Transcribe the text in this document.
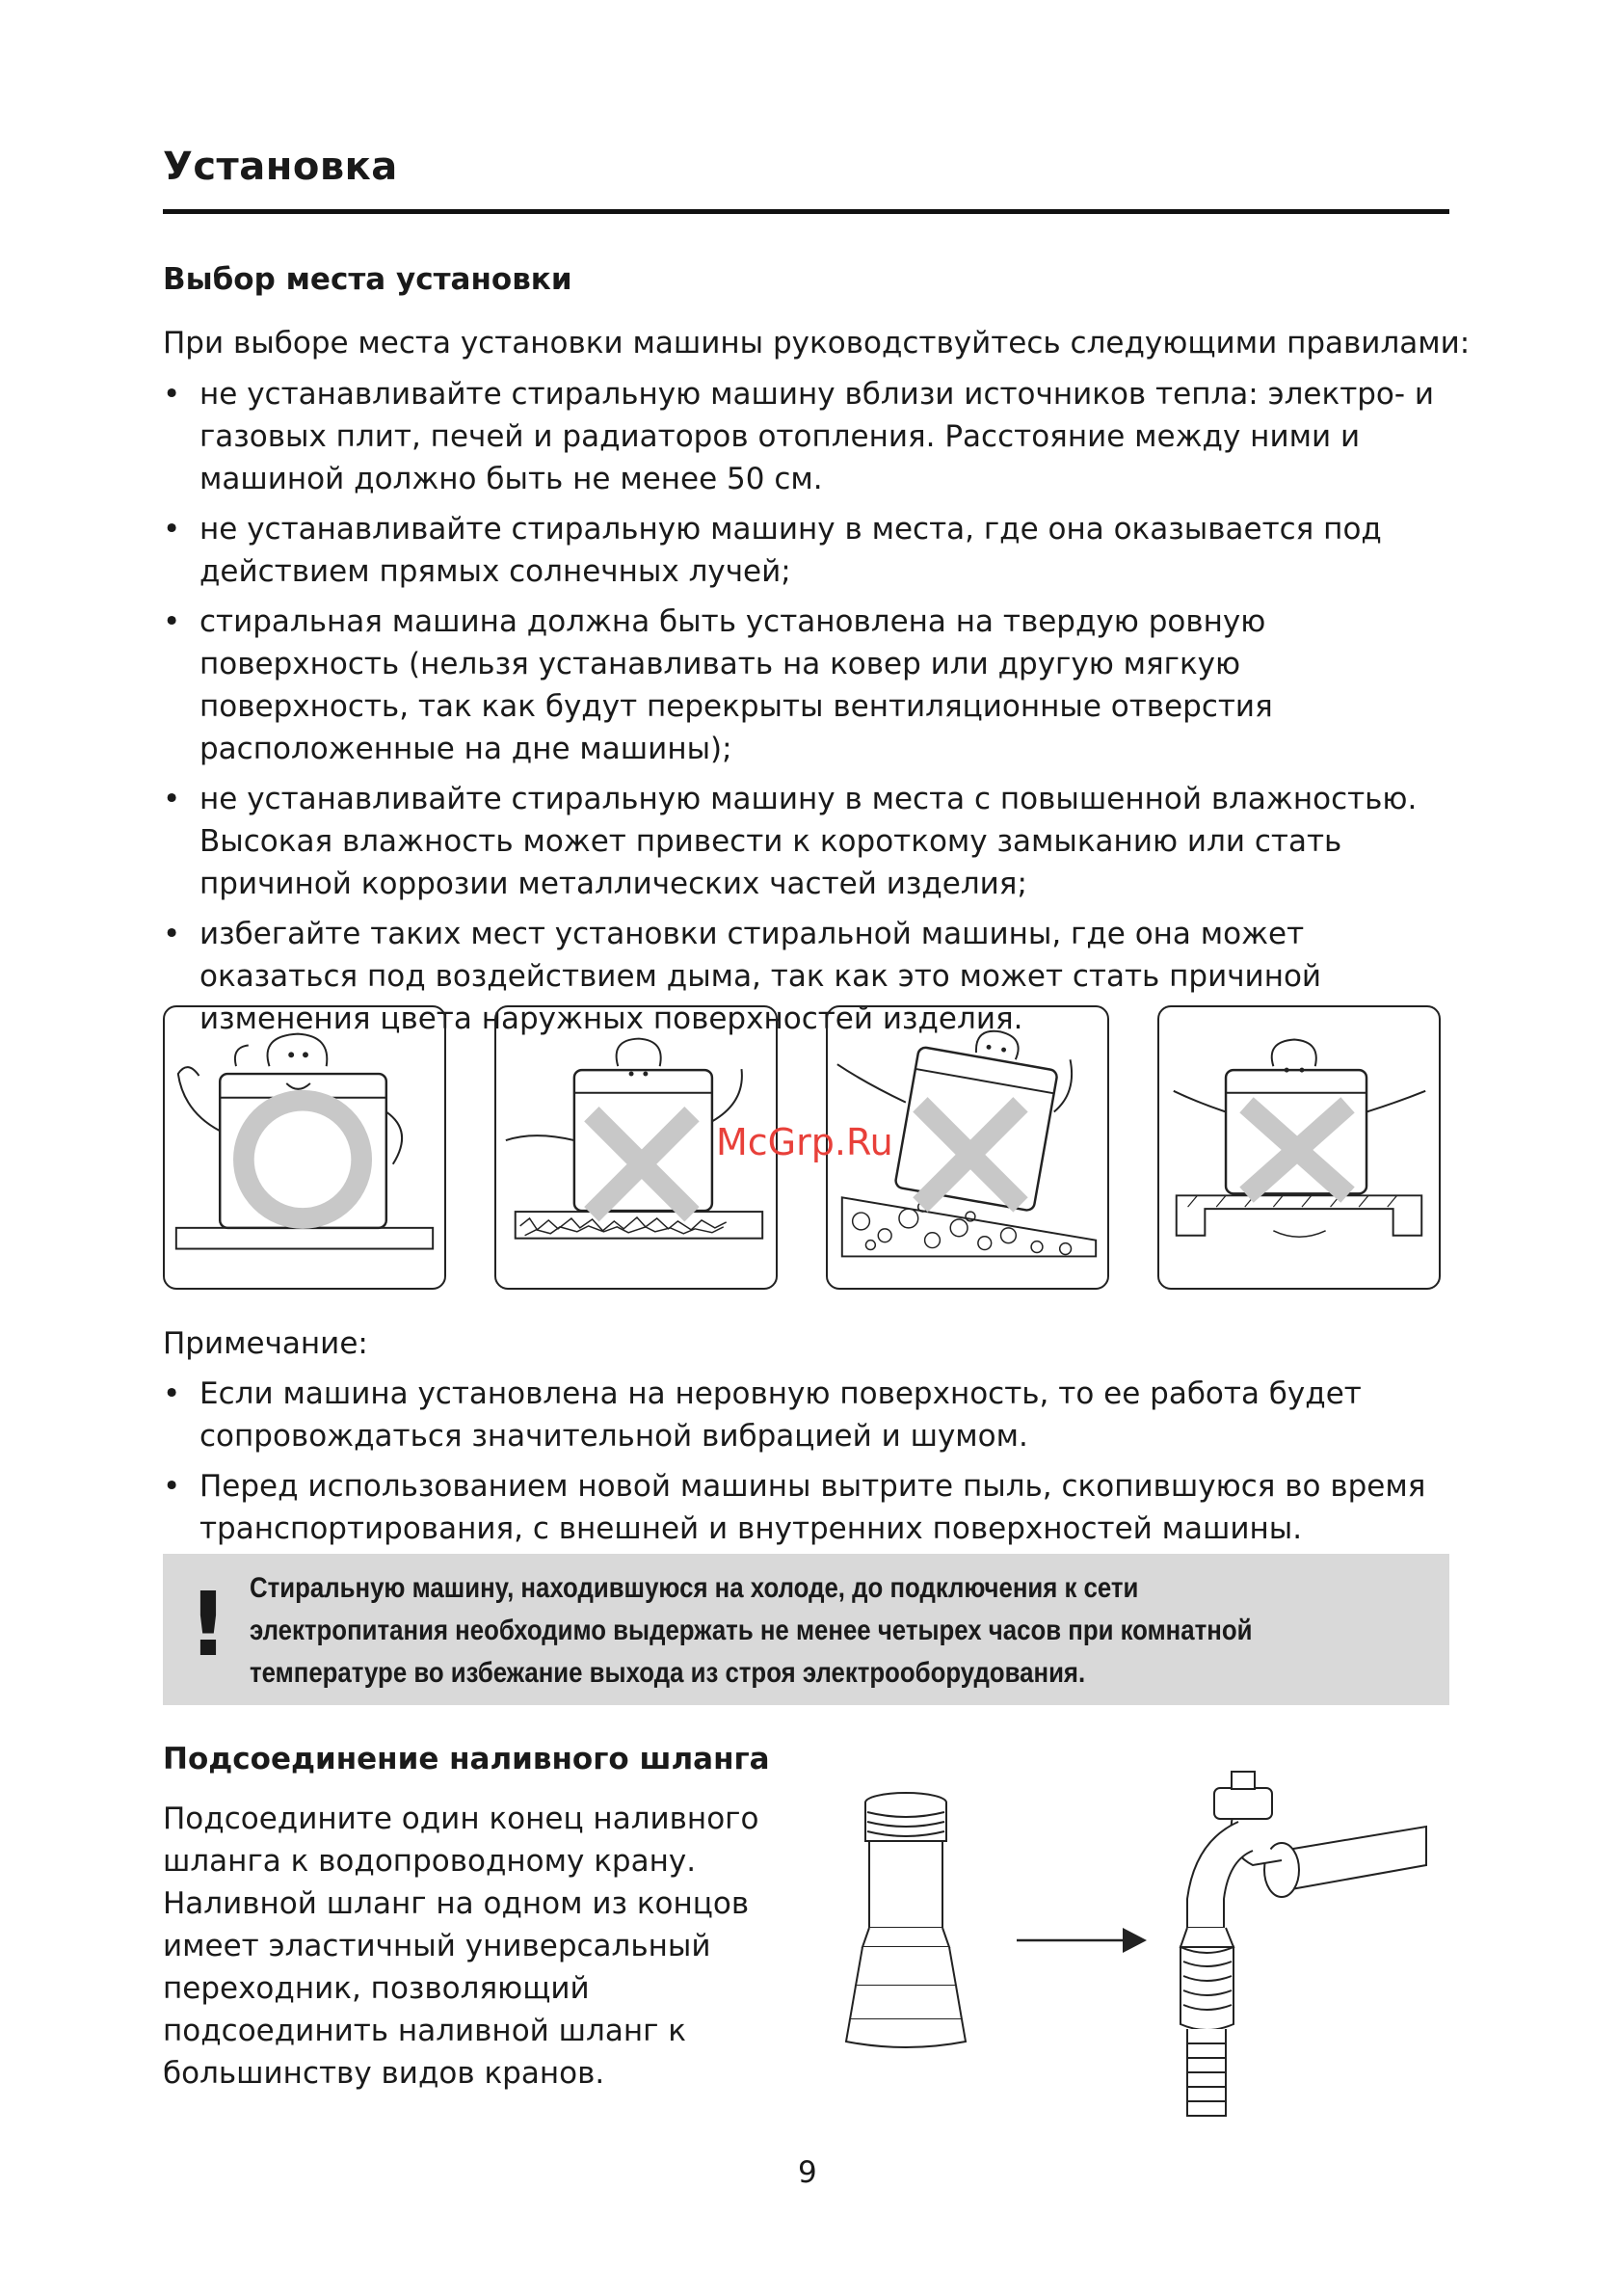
Установка
Выбор места установки

При выборе места установки машины руководствуйтесь следующими правилами:

• не устанавливайте стиральную машину вблизи источников тепла: электро- и газовых плит, печей и радиаторов отопления. Расстояние между ними и машиной должно быть не менее 50 см.
• не устанавливайте стиральную машину в места, где она оказывается под действием прямых солнечных лучей;
• стиральная машина должна быть установлена на твердую ровную поверхность (нельзя устанавливать на ковер или другую мягкую поверхность, так как будут перекрыты вентиляционные отверстия расположенные на дне машины);
• не устанавливайте стиральную машину в места с повышенной влажностью. Высокая влажность может привести к короткому замыканию или стать причиной коррозии металлических частей изделия;
• избегайте таких мест установки стиральной машины, где она может оказаться под воздействием дыма, так как это может стать причиной изменения цвета наружных поверхностей изделия.
McGrp.Ru

Примечание:

• Если машина установлена на неровную поверхность, то ее работа будет сопровождаться значительной вибрацией и шумом.
• Перед использованием новой машины вытрите пыль, скопившуюся во время транспортирования, с внешней и внутренних поверхностей машины.
! Стиральную машину, находившуюся на холоде, до подключения к сети электропитания необходимо выдержать не менее четырех часов при комнатной температуре во избежание выхода из строя электрооборудования.

Подсоединение наливного шланга

Подсоедините один конец наливного шланга к водопроводному крану. Наливной шланг на одном из концов имеет эластичный универсальный переходник, позволяющий подсоединить наливной шланг к большинству видов кранов.

9
